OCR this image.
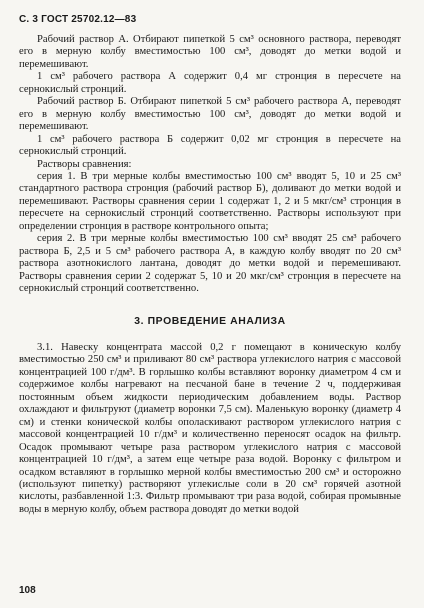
С. 3 ГОСТ 25702.12—83

Рабочий раствор А. Отбирают пипеткой 5 см³ основного раствора, переводят его в мерную колбу вместимостью 100 см³, доводят до метки водой и перемешивают.

1 см³ рабочего раствора А содержит 0,4 мг стронция в пересчете на сернокислый стронций.

Рабочий раствор Б. Отбирают пипеткой 5 см³ рабочего раствора А, переводят его в мерную колбу вместимостью 100 см³, доводят до метки водой и перемешивают.

1 см³ рабочего раствора Б содержит 0,02 мг стронция в пересчете на сернокислый стронций.

Растворы сравнения:

серия 1. В три мерные колбы вместимостью 100 см³ вводят 5, 10 и 25 см³ стандартного раствора стронция (рабочий раствор Б), доливают до метки водой и перемешивают. Растворы сравнения серии 1 содержат 1, 2 и 5 мкг/см³ стронция в пересчете на сернокислый стронций соответственно. Растворы используют при определении стронция в растворе контрольного опыта;

серия 2. В три мерные колбы вместимостью 100 см³ вводят 25 см³ рабочего раствора Б, 2,5 и 5 см³ рабочего раствора А, в каждую колбу вводят по 20 см³ раствора азотнокислого лантана, доводят до метки водой и перемешивают. Растворы сравнения серии 2 содержат 5, 10 и 20 мкг/см³ стронция в пересчете на сернокислый стронций соответственно.

3. ПРОВЕДЕНИЕ АНАЛИЗА

3.1. Навеску концентрата массой 0,2 г помещают в коническую колбу вместимостью 250 см³ и приливают 80 см³ раствора углекислого натрия с массовой концентрацией 100 г/дм³. В горлышко колбы вставляют воронку диаметром 4 см и содержимое колбы нагревают на песчаной бане в течение 2 ч, поддерживая постоянным объем жидкости периодическим добавлением воды. Раствор охлаждают и фильтруют (диаметр воронки 7,5 см). Маленькую воронку (диаметр 4 см) и стенки конической колбы ополаскивают раствором углекислого натрия с массовой концентрацией 10 г/дм³ и количественно переносят осадок на фильтр. Осадок промывают четыре раза раствором углекислого натрия с массовой концентрацией 10 г/дм³, а затем еще четыре раза водой. Воронку с фильтром и осадком вставляют в горлышко мерной колбы вместимостью 200 см³ и осторожно (используют пипетку) растворяют углекислые соли в 20 см³ горячей азотной кислоты, разбавленной 1:3. Фильтр промывают три раза водой, собирая промывные воды в мерную колбу, объем раствора доводят до метки водой

108
